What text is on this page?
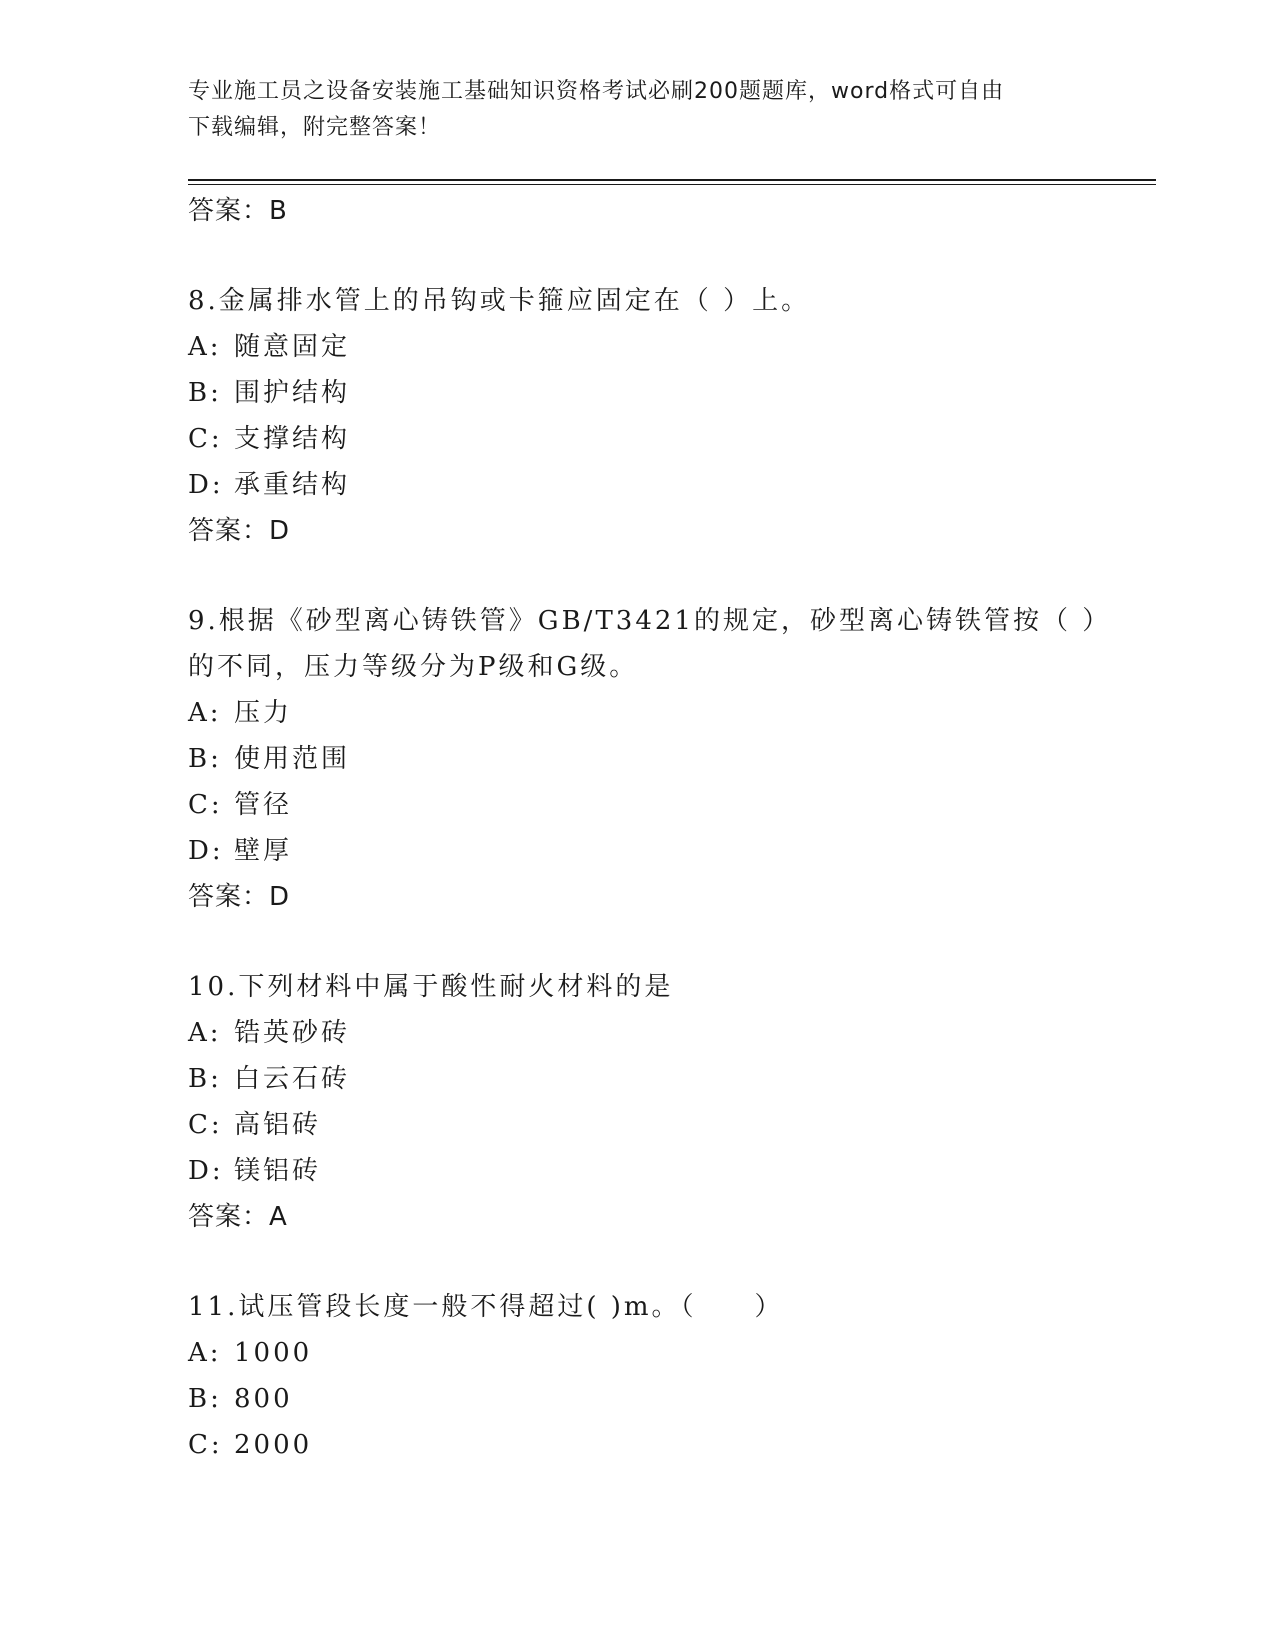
专业施工员之设备安装施工基础知识资格考试必刷200题题库，word格式可自由
下载编辑，附完整答案！
答案：B
8.金属排水管上的吊钩或卡箍应固定在（ ）上。
A: 随意固定
B: 围护结构
C: 支撑结构
D: 承重结构
答案：D
9.根据《砂型离心铸铁管》GB/T3421的规定，砂型离心铸铁管按（ ）
的不同，压力等级分为P级和G级。
A: 压力
B: 使用范围
C: 管径
D: 壁厚
答案：D
10.下列材料中属于酸性耐火材料的是
A: 锆英砂砖
B: 白云石砖
C: 高铝砖
D: 镁铝砖
答案：A
11.试压管段长度一般不得超过( )m。（　　）
A: 1000
B: 800
C: 2000
